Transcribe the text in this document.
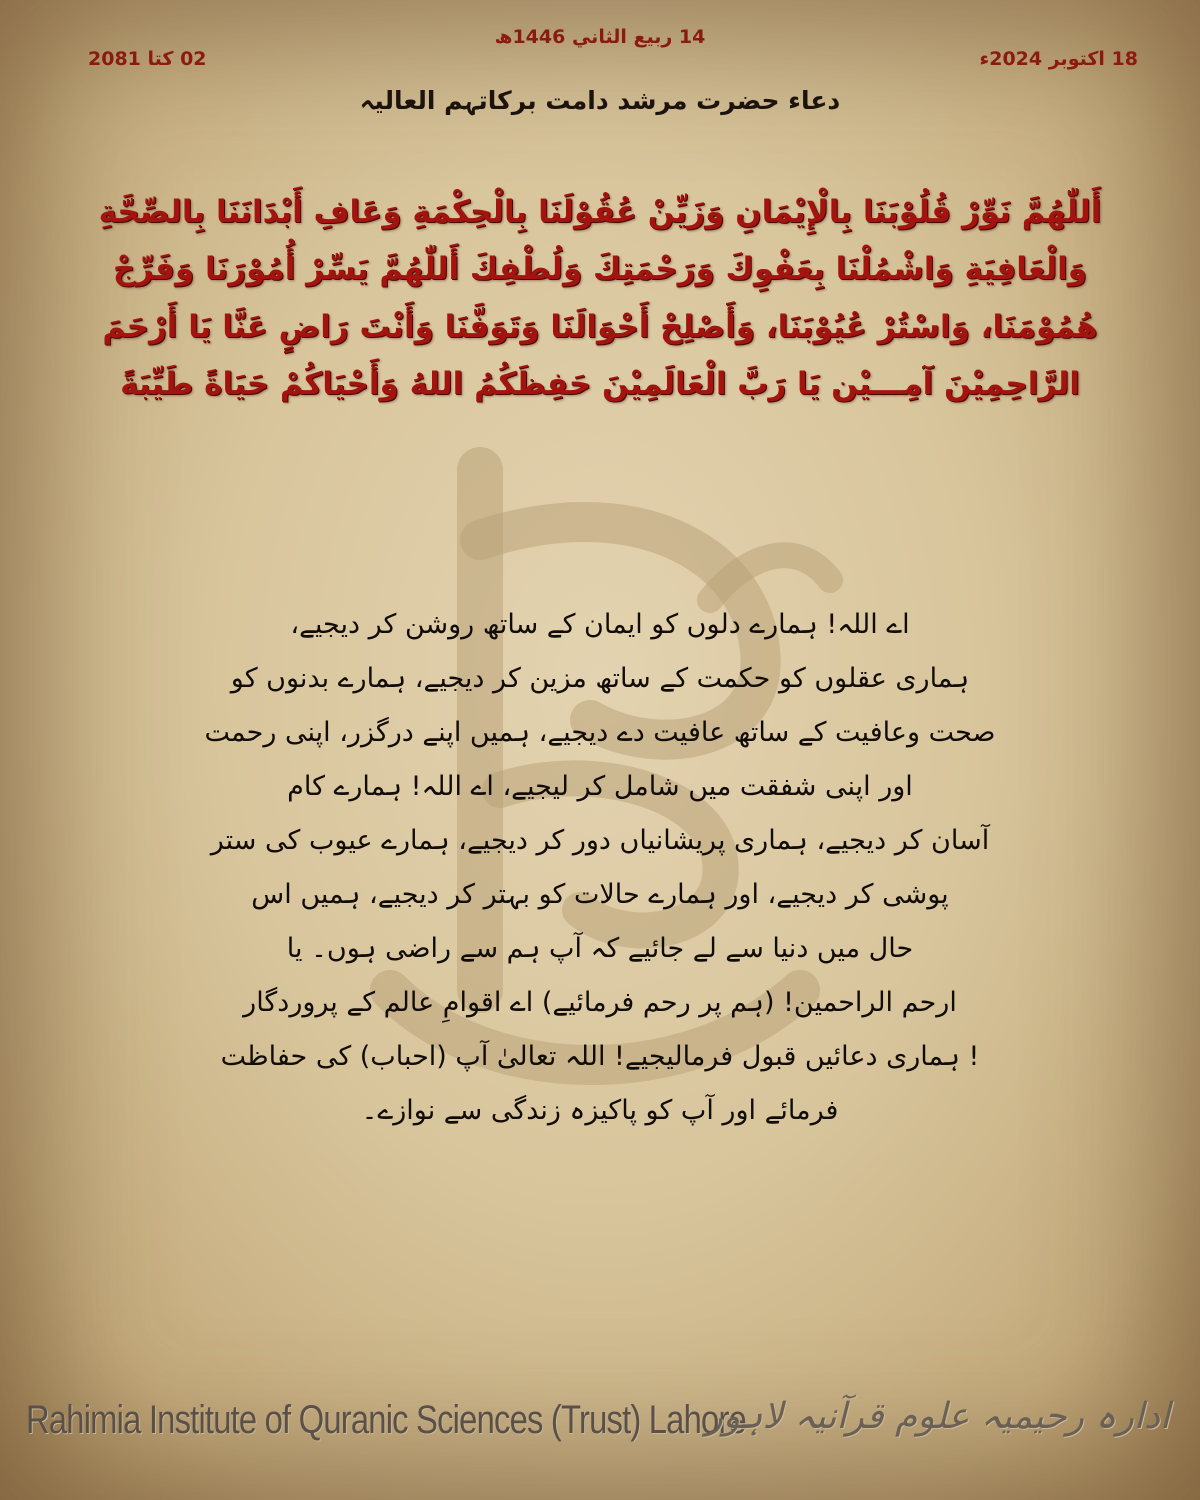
14 ربیع الثاني 1446ھ
18 اکتوبر 2024ء
02 کتا 2081
دعاء حضرت مرشد دامت برکاتہم العالیہ
أَللّٰهُمَّ نَوِّرْ قُلُوْبَنَا بِالْإِيْمَانِ وَزَيِّنْ عُقُوْلَنَا بِالْحِكْمَةِ وَعَافِ أَبْدَانَنَا بِالصِّحَّةِ وَالْعَافِيَةِ وَاشْمُلْنَا بِعَفْوِكَ وَرَحْمَتِكَ وَلُطْفِكَ أَللّٰهُمَّ يَسِّرْ أُمُوْرَنَا وَفَرِّجْ هُمُوْمَنَا، وَاسْتُرْ عُيُوْبَنَا، وَأَصْلِحْ أَحْوَالَنَا وَتَوَفَّنَا وَأَنْتَ رَاضٍ عَنَّا يَا أَرْحَمَ الرَّاحِمِيْنَ آمِـــيْن يَا رَبَّ الْعَالَمِيْنَ حَفِظَكُمُ اللهُ وَأَحْيَاكُمْ حَيَاةً طَيِّبَةً
اے اللہ! ہمارے دلوں کو ایمان کے ساتھ روشن کر دیجیے،
ہماری عقلوں کو حکمت کے ساتھ مزین کر دیجیے، ہمارے بدنوں کو
صحت وعافیت کے ساتھ عافیت دے دیجیے، ہمیں اپنے درگزر، اپنی رحمت
اور اپنی شفقت میں شامل کر لیجیے، اے اللہ! ہمارے کام
آسان کر دیجیے، ہماری پریشانیاں دور کر دیجیے، ہمارے عیوب کی ستر
پوشی کر دیجیے، اور ہمارے حالات کو بہتر کر دیجیے، ہمیں اس
حال میں دنیا سے لے جائیے کہ آپ ہم سے راضی ہوں۔ یا
ارحم الراحمین! (ہم پر رحم فرمائیے) اے اقوامِ عالم کے پروردگار
! ہماری دعائیں قبول فرمالیجیے! اللہ تعالیٰ آپ (احباب) کی حفاظت
فرمائے اور آپ کو پاکیزہ زندگی سے نوازے۔
Rahimia Institute of Quranic Sciences (Trust) Lahore
ادارہ رحیمیہ علوم قرآنیہ لاہور
